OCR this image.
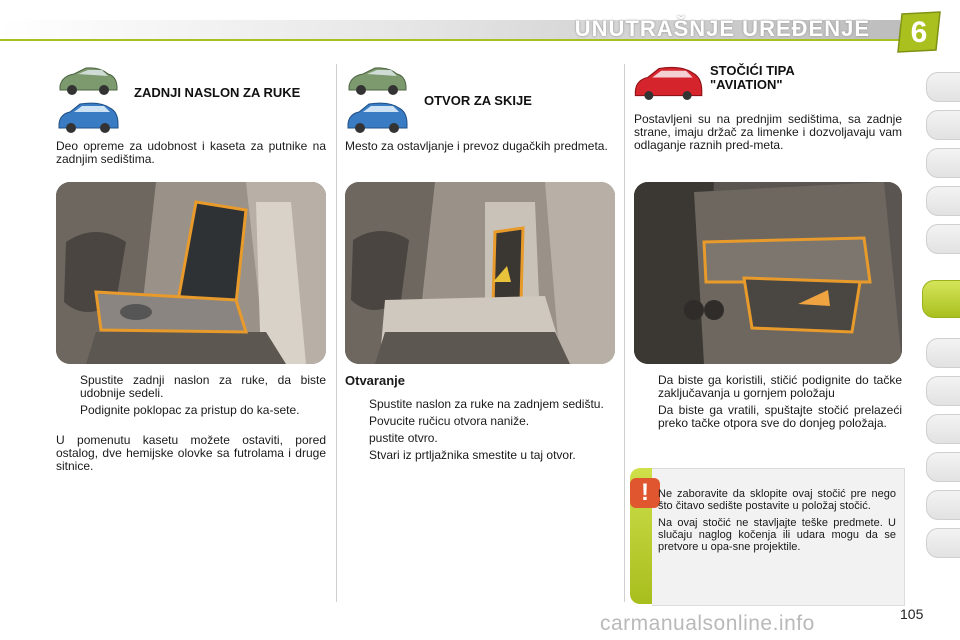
UNUTRAŠNJE UREĐENJE	6
ZADNJI NASLON ZA RUKE
Deo opreme za udobnost i kaseta za putnike na zadnjim sedištima.
Spustite zadnji naslon za ruke, da biste udobnije sedeli.
Podignite poklopac za pristup do ka-sete.
U pomenutu kasetu možete ostaviti, pored ostalog, dve hemijske olovke sa futrolama i druge sitnice.
OTVOR ZA SKIJE
Mesto za ostavljanje i prevoz dugačkih predmeta.
Otvaranje
Spustite naslon za ruke na zadnjem sedištu.
Povucite ručicu otvora naniže.
pustite otvro.
Stvari iz prtljažnika smestite u taj otvor.
STOČIĆI TIPA
"AVIATION"
Postavljeni su na prednjim sedištima, sa zadnje strane, imaju držač za limenke i dozvoljavaju vam odlaganje raznih pred-meta.
Da biste ga koristili, stičić podignite do tačke zaključavanja u gornjem položaju
Da biste ga vratili, spuštajte stočić prelazeći preko tačke otpora sve do donjeg položaja.
! Ne zaboravite da sklopite ovaj stočić pre nego što čitavo sedište postavite u položaj stočić.

Na ovaj stočić ne stavljajte teške predmete. U slučaju naglog kočenja ili udara mogu da se pretvore u opa-sne projektile.

105
carmanualsonline.info
